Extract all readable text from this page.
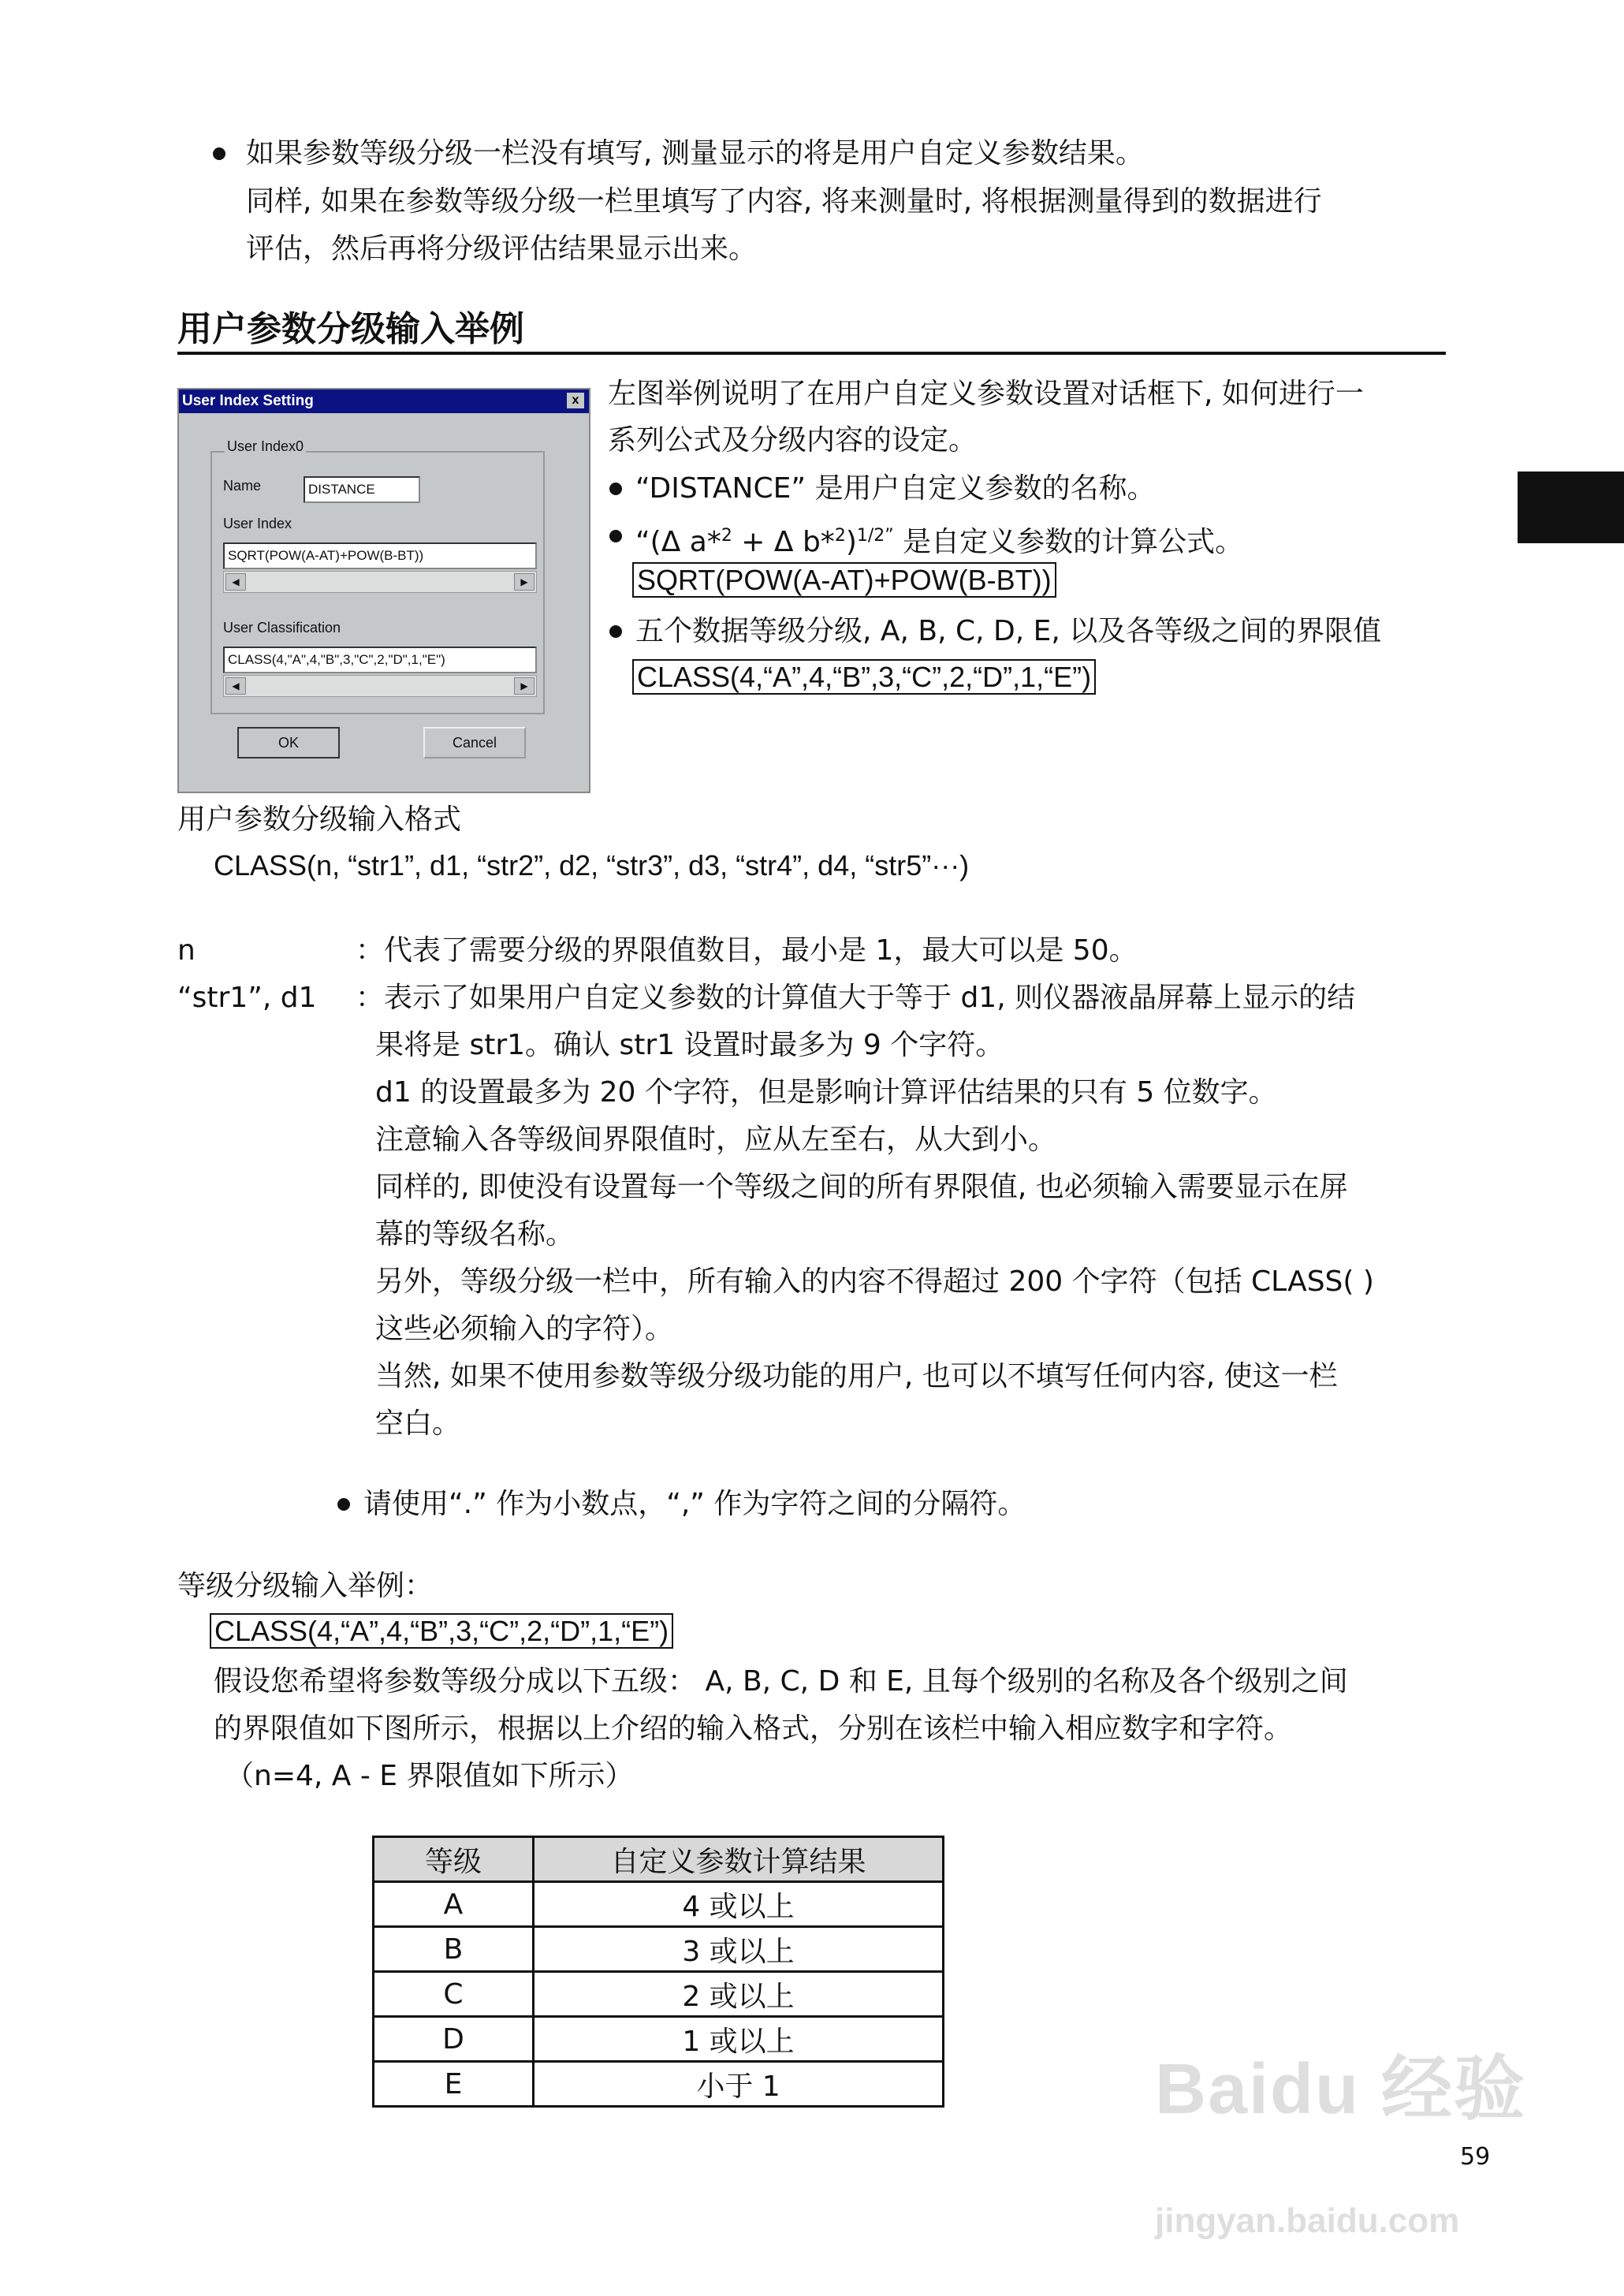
如果参数等级分级一栏没有填写, 测量显示的将是用户自定义参数结果。
同样, 如果在参数等级分级一栏里填写了内容, 将来测量时, 将根据测量得到的数据进行
评估，然后再将分级评估结果显示出来。
用户参数分级输入举例
User Index Setting	x
User Index0
Name	DISTANCE
User Index
SQRT(POW(A-AT)+POW(B-BT))
◀	▶
User Classification
CLASS(4,"A",4,"B",3,"C",2,"D",1,"E")
◀	▶
OK	Cancel
左图举例说明了在用户自定义参数设置对话框下, 如何进行一
系列公式及分级内容的设定。
“DISTANCE” 是用户自定义参数的名称。
“(Δ a*$^2$ + Δ b*$^2$)$^{1/2”}$ 是自定义参数的计算公式。
SQRT(POW(A-AT)+POW(B-BT))
五个数据等级分级, A, B, C, D, E, 以及各等级之间的界限值
CLASS(4,“A”,4,“B”,3,“C”,2,“D”,1,“E”)
用户参数分级输入格式
CLASS(n, “str1”, d1, “str2”, d2, “str3”, d3, “str4”, d4, “str5”···)
n	：代表了需要分级的界限值数目，最小是 1，最大可以是 50。
“str1”, d1 ：表示了如果用户自定义参数的计算值大于等于 d1, 则仪器液晶屏幕上显示的结
果将是 str1。确认 str1 设置时最多为 9 个字符。
d1 的设置最多为 20 个字符，但是影响计算评估结果的只有 5 位数字。
注意输入各等级间界限值时，应从左至右，从大到小。
同样的, 即使没有设置每一个等级之间的所有界限值, 也必须输入需要显示在屏
幕的等级名称。
另外，等级分级一栏中，所有输入的内容不得超过 200 个字符（包括 CLASS( )
这些必须输入的字符）。
当然, 如果不使用参数等级分级功能的用户, 也可以不填写任何内容, 使这一栏
空白。
请使用“.” 作为小数点，“,” 作为字符之间的分隔符。
等级分级输入举例：
CLASS(4,“A”,4,“B”,3,“C”,2,“D”,1,“E”)
假设您希望将参数等级分成以下五级： A, B, C, D 和 E, 且每个级别的名称及各个级别之间
的界限值如下图所示，根据以上介绍的输入格式，分别在该栏中输入相应数字和字符。
（n=4, A - E 界限值如下所示）
等级	自定义参数计算结果
A	4 或以上
B	3 或以上
C	2 或以上
D	1 或以上
E	小于 1	Baidu 经验
59
jingyan.baidu.com
